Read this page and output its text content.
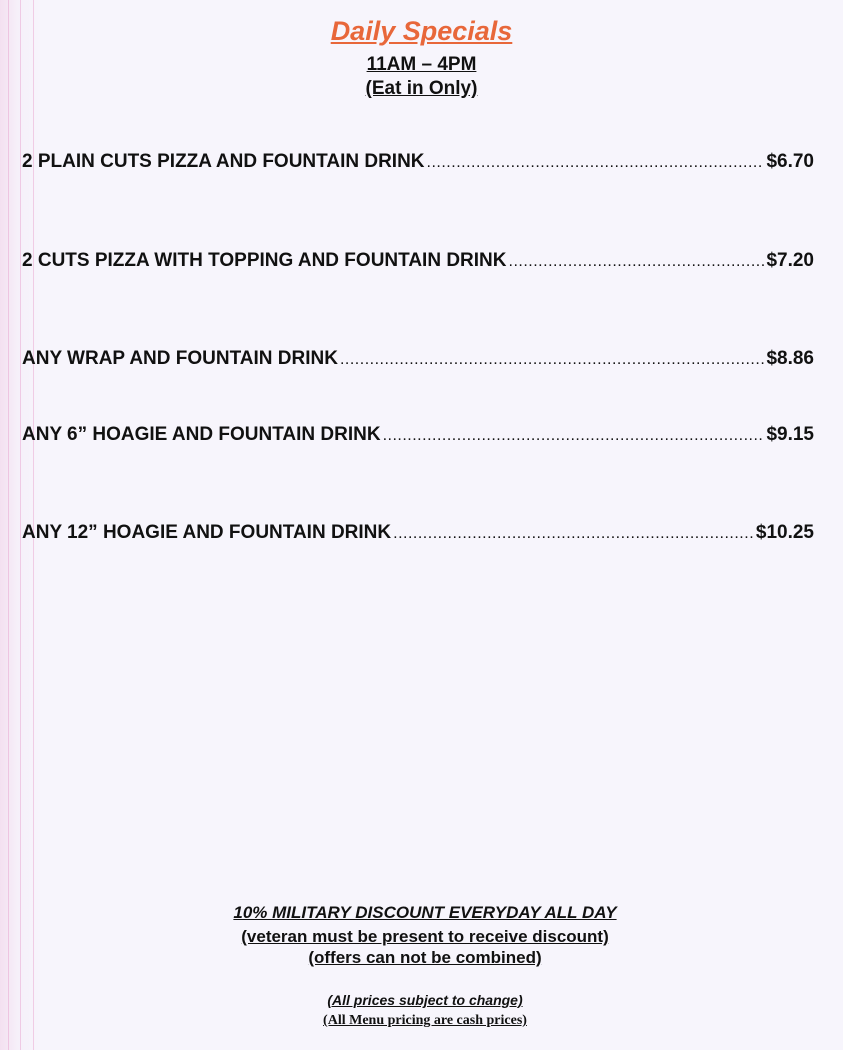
Daily Specials
11AM – 4PM
(Eat in Only)
2 PLAIN CUTS PIZZA AND FOUNTAIN DRINK .....	$6.70
2 CUTS PIZZA WITH TOPPING AND FOUNTAIN DRINK .....	$7.20
ANY WRAP AND FOUNTAIN DRINK .....	$8.86
ANY 6” HOAGIE AND FOUNTAIN DRINK .....	$9.15
ANY 12” HOAGIE AND FOUNTAIN DRINK .....	$10.25
10% MILITARY DISCOUNT EVERYDAY ALL DAY
(veteran must be present to receive discount)
(offers can not be combined)
(All prices subject to change)
(All Menu pricing are cash prices)
